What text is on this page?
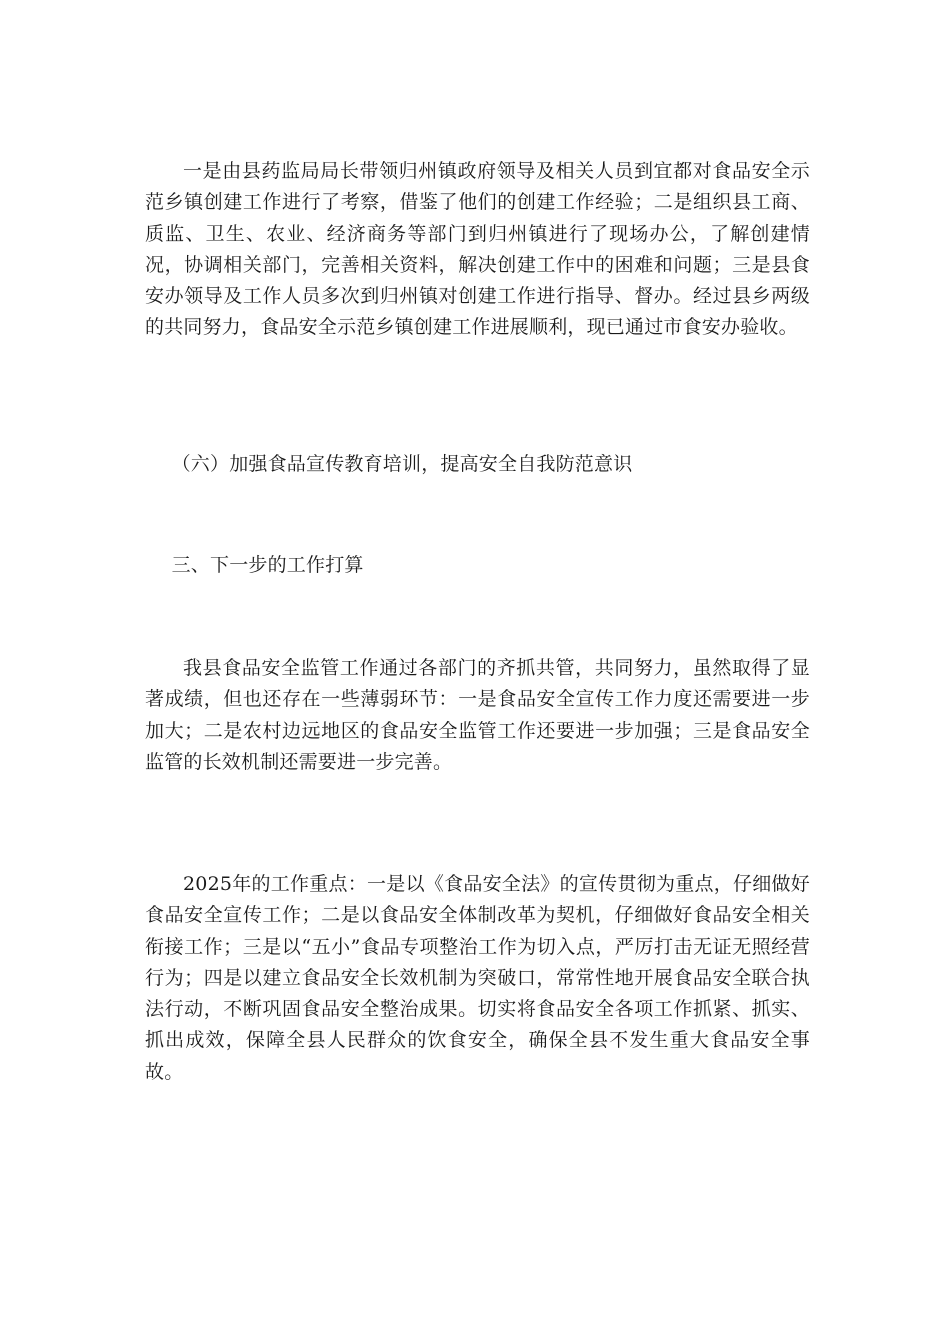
一是由县药监局局长带领归州镇政府领导及相关人员到宜都对食品安全示范乡镇创建工作进行了考察，借鉴了他们的创建工作经验；二是组织县工商、质监、卫生、农业、经济商务等部门到归州镇进行了现场办公，了解创建情况，协调相关部门，完善相关资料，解决创建工作中的困难和问题；三是县食安办领导及工作人员多次到归州镇对创建工作进行指导、督办。经过县乡两级的共同努力，食品安全示范乡镇创建工作进展顺利，现已通过市食安办验收。

（六）加强食品宣传教育培训，提高安全自我防范意识

三、下一步的工作打算

我县食品安全监管工作通过各部门的齐抓共管，共同努力，虽然取得了显著成绩，但也还存在一些薄弱环节：一是食品安全宣传工作力度还需要进一步加大；二是农村边远地区的食品安全监管工作还要进一步加强；三是食品安全监管的长效机制还需要进一步完善。

2025年的工作重点：一是以《食品安全法》的宣传贯彻为重点，仔细做好食品安全宣传工作；二是以食品安全体制改革为契机，仔细做好食品安全相关衔接工作；三是以“五小”食品专项整治工作为切入点，严厉打击无证无照经营行为；四是以建立食品安全长效机制为突破口，常常性地开展食品安全联合执法行动，不断巩固食品安全整治成果。切实将食品安全各项工作抓紧、抓实、抓出成效，保障全县人民群众的饮食安全，确保全县不发生重大食品安全事故。
